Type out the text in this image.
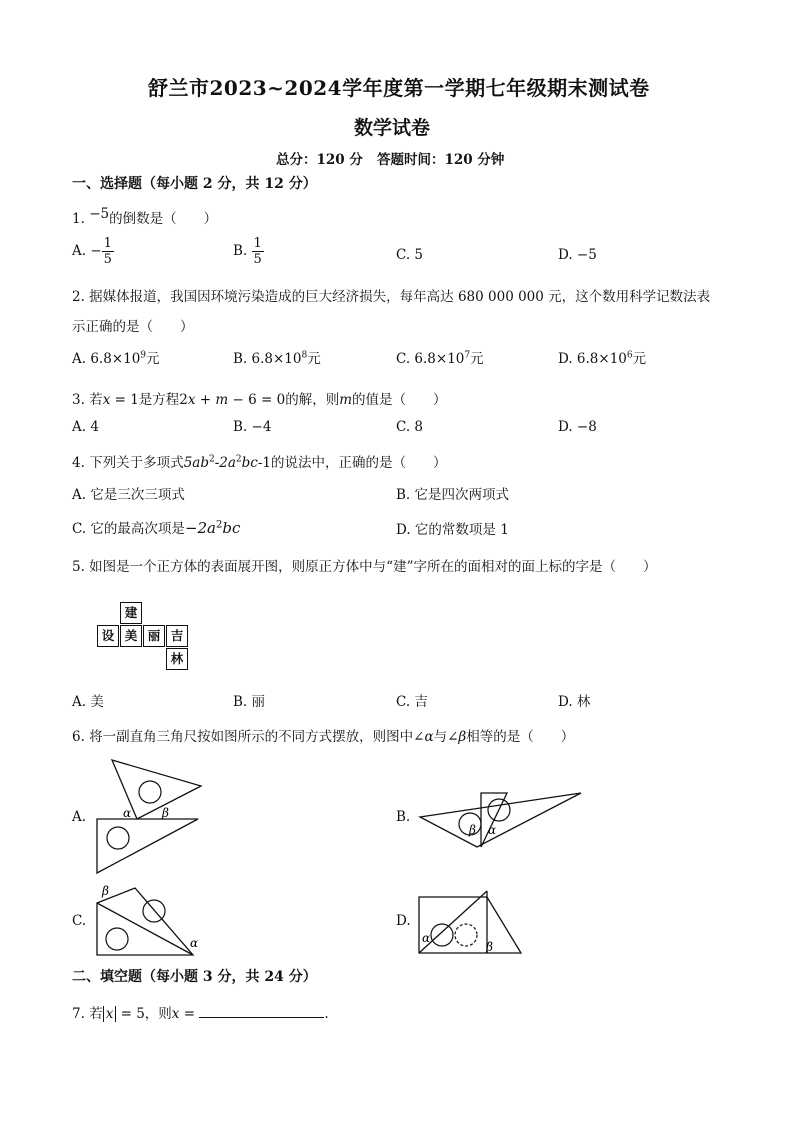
舒兰市2023~2024学年度第一学期七年级期末测试卷
数学试卷
总分：120 分   答题时间：120 分钟
一、选择题（每小题 2 分，共 12 分）
1. −5的倒数是（　　）
A. − $\frac{1}{5}$	B. $\frac{1}{5}$	C. 5	D. −5
2. 据媒体报道，我国因环境污染造成的巨大经济损失，每年高达 680 000 000 元，这个数用科学记数法表
示正确的是（　　）
A. $6.8\times 10^9$元	B. $6.8\times 10^8$元	C. $6.8\times 10^7$元	D. $6.8\times 10^6$元
3. 若x = 1是方程2x + m − 6 = 0的解，则m的值是（　　）
A. 4	B. −4	C. 8	D. −8
4. 下列关于多项式$5ab^2-2a^2bc-1$的说法中，正确的是（　　）
A. 它是三次三项式	B. 它是四次两项式
C. 它的最高次项是$-2a^2bc$	D. 它的常数项是 1
5. 如图是一个正方体的表面展开图，则原正方体中与“建”字所在的面相对的面上标的字是（　　）
建
设 美 丽 吉
林
A. 美	B. 丽	C. 吉	D. 林
6. 将一副直角三角尺按如图所示的不同方式摆放，则图中∠α与∠β相等的是（　　）
A.	B.
C.	D.
α	β
β α
β
α	α
β
二、填空题（每小题 3 分，共 24 分）
7. 若 x = 5，则x =	.
